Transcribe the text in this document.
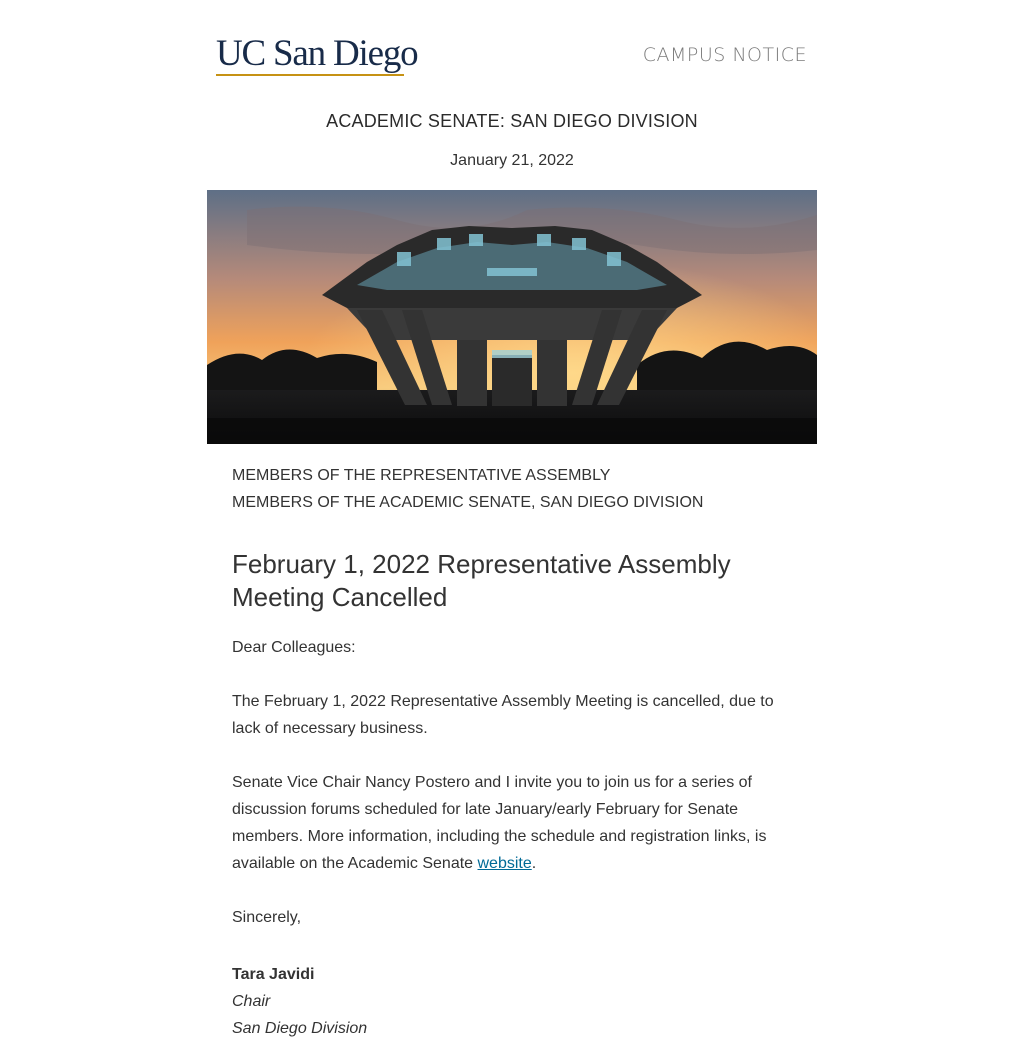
UC San Diego	CAMPUS NOTICE
ACADEMIC SENATE: SAN DIEGO DIVISION
January 21, 2022

MEMBERS OF THE REPRESENTATIVE ASSEMBLY
MEMBERS OF THE ACADEMIC SENATE, SAN DIEGO DIVISION

February 1, 2022 Representative Assembly Meeting Cancelled

Dear Colleagues:

The February 1, 2022 Representative Assembly Meeting is cancelled, due to lack of necessary business.

Senate Vice Chair Nancy Postero and I invite you to join us for a series of discussion forums scheduled for late January/early February for Senate members. More information, including the schedule and registration links, is available on the Academic Senate website.

Sincerely,

Tara Javidi

Chair

San Diego Division
